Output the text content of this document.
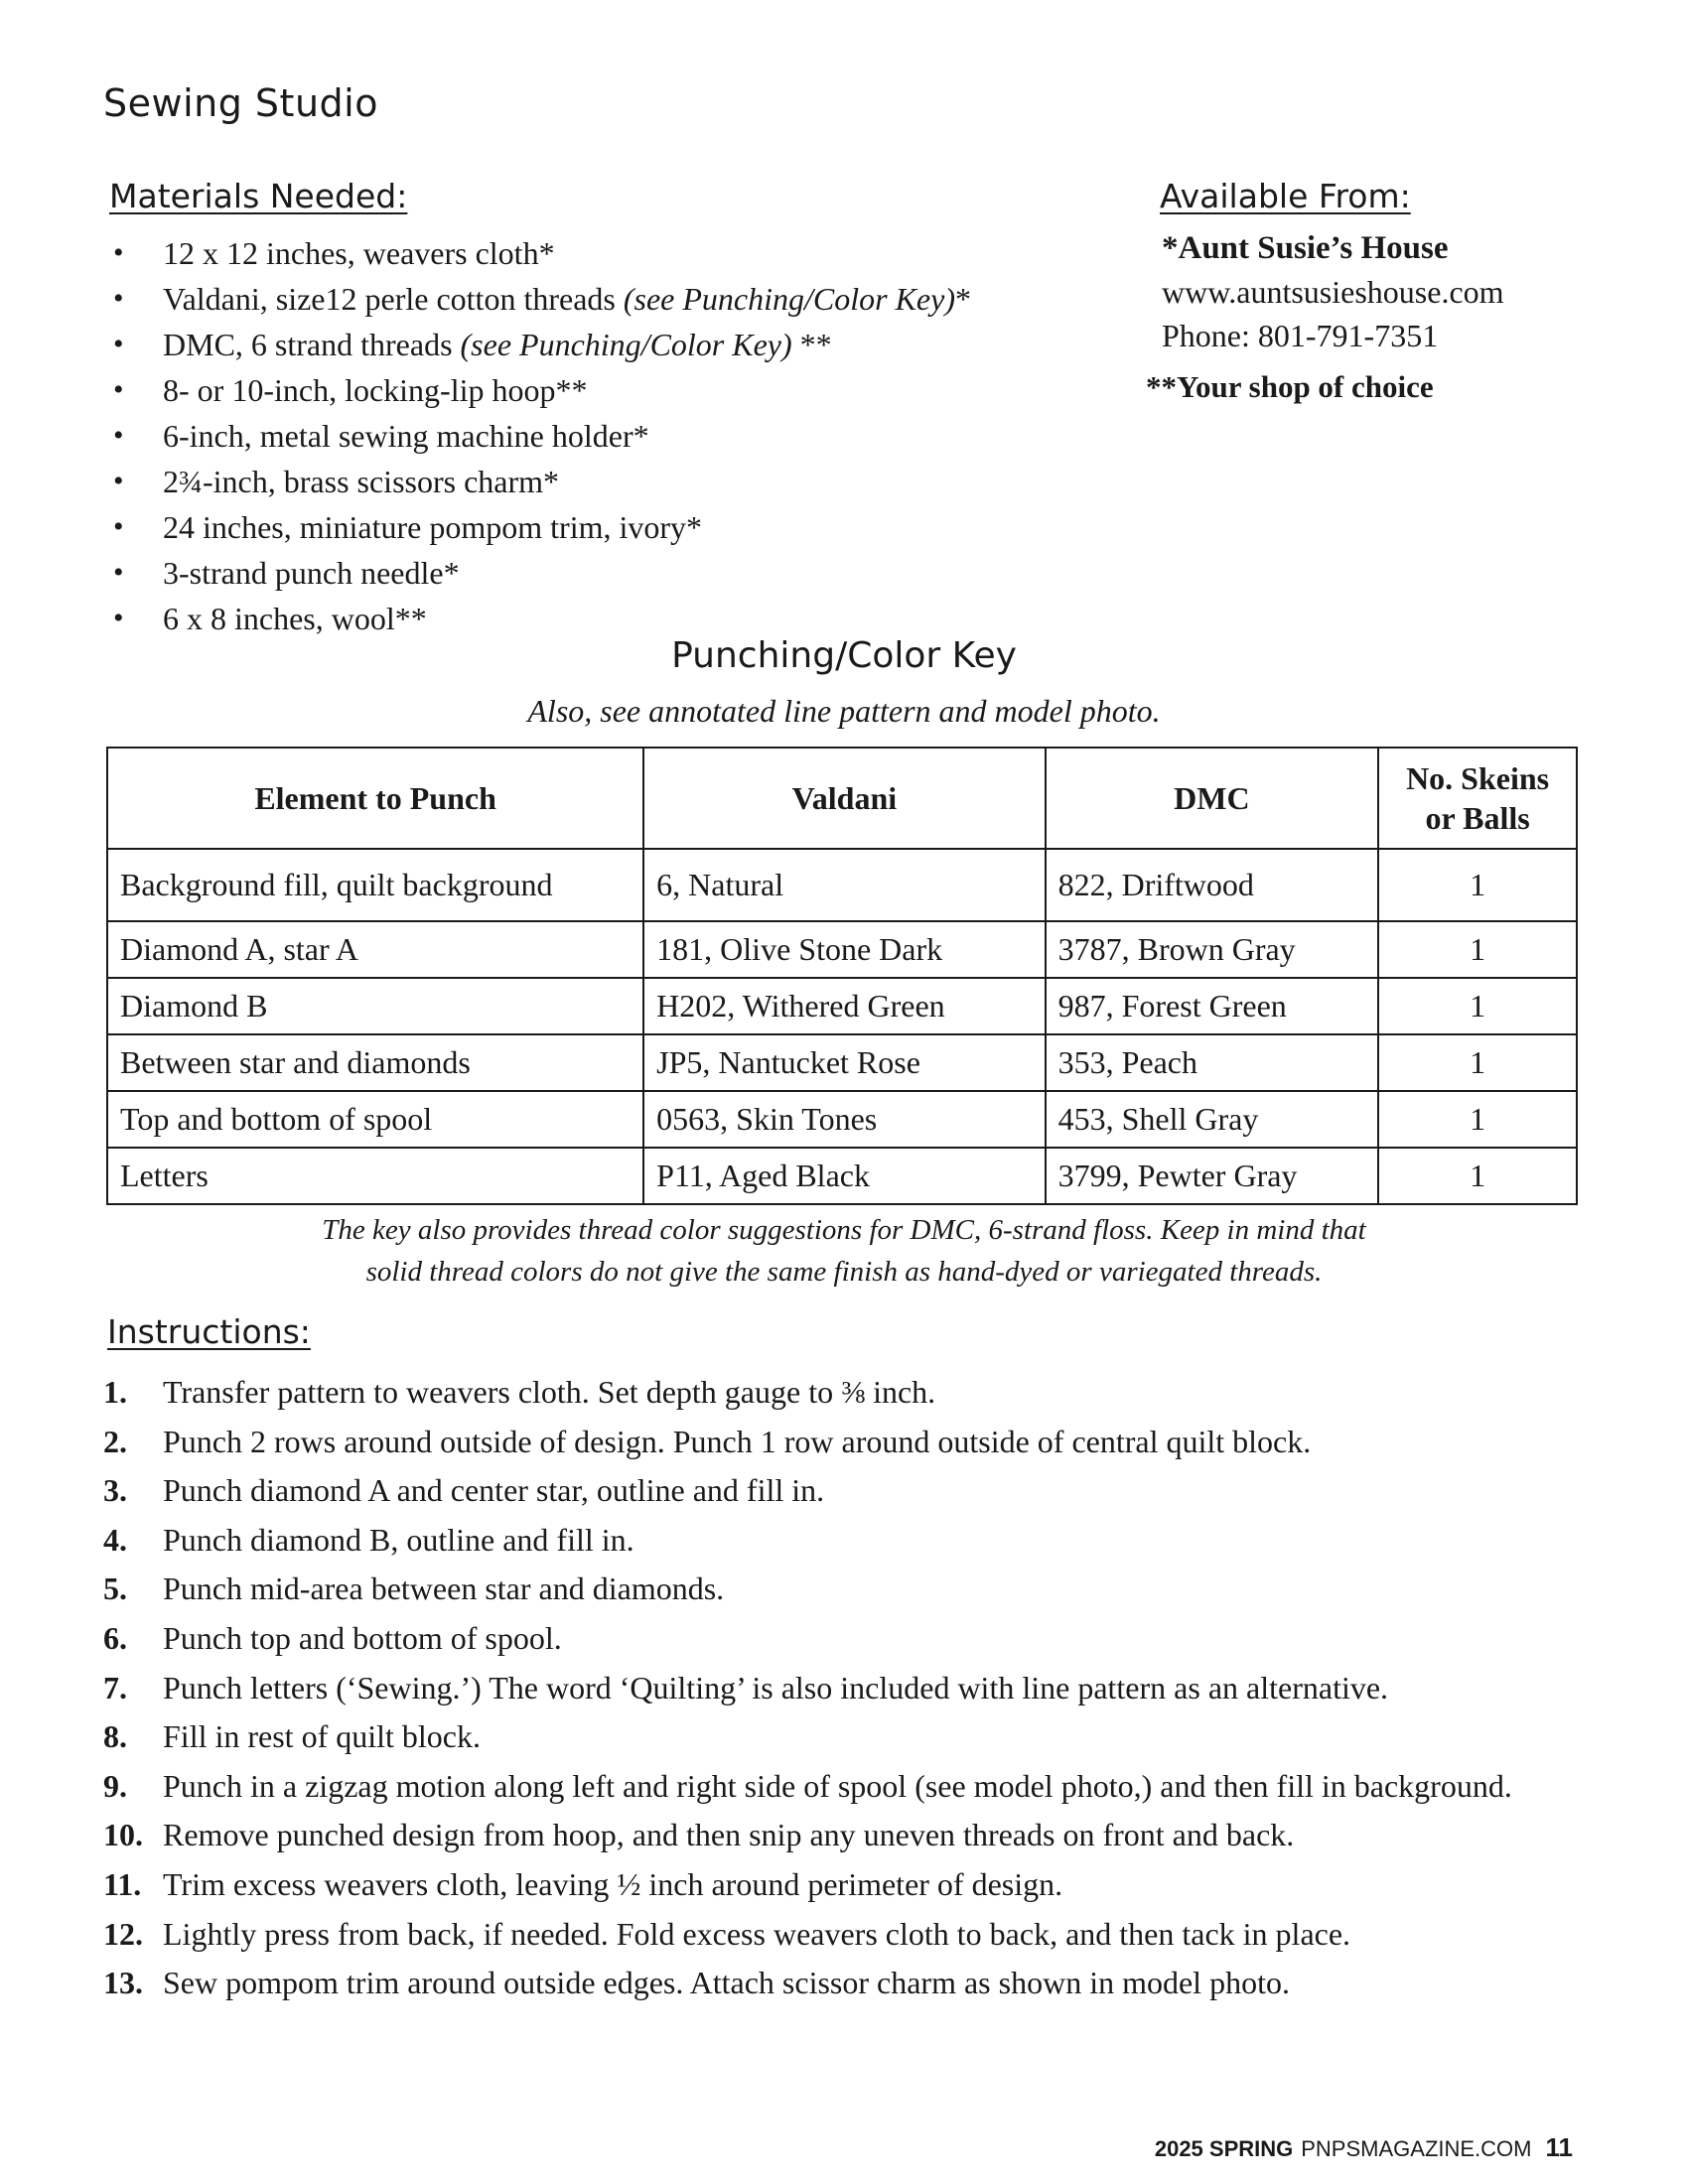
Sewing Studio
Materials Needed:
• 12 x 12 inches, weavers cloth*
• Valdani, size12 perle cotton threads (see Punching/Color Key)*
• DMC, 6 strand threads (see Punching/Color Key) **
• 8- or 10-inch, locking-lip hoop**
• 6-inch, metal sewing machine holder*
• 2¾-inch, brass scissors charm*
• 24 inches, miniature pompom trim, ivory*
• 3-strand punch needle*
• 6 x 8 inches, wool**
Available From:
*Aunt Susie’s House
www.auntsusieshouse.com
Phone: 801-791-7351
**Your shop of choice
Punching/Color Key
Also, see annotated line pattern and model photo.
Element to Punch	Valdani	DMC	No. Skeins
or Balls
Background fill, quilt background	6, Natural	822, Driftwood	1
Diamond A, star A	181, Olive Stone Dark	3787, Brown Gray	1
Diamond B	H202, Withered Green	987, Forest Green	1
Between star and diamonds	JP5, Nantucket Rose	353, Peach	1
Top and bottom of spool	0563, Skin Tones	453, Shell Gray	1
Letters	P11, Aged Black	3799, Pewter Gray	1
The key also provides thread color suggestions for DMC, 6-strand floss. Keep in mind that
solid thread colors do not give the same finish as hand-dyed or variegated threads.
Instructions:
1.	Transfer pattern to weavers cloth. Set depth gauge to ⅜ inch.
2.	Punch 2 rows around outside of design. Punch 1 row around outside of central quilt block.
3.	Punch diamond A and center star, outline and fill in.
4.	Punch diamond B, outline and fill in.
5.	Punch mid-area between star and diamonds.
6.	Punch top and bottom of spool.
7.	Punch letters (‘Sewing.’) The word ‘Quilting’ is also included with line pattern as an alternative.
8.	Fill in rest of quilt block.
9.	Punch in a zigzag motion along left and right side of spool (see model photo,) and then fill in background.
10. Remove punched design from hoop, and then snip any uneven threads on front and back.
11. Trim excess weavers cloth, leaving ½ inch around perimeter of design.
12. Lightly press from back, if needed. Fold excess weavers cloth to back, and then tack in place.
13. Sew pompom trim around outside edges. Attach scissor charm as shown in model photo.
2025 SPRING PNPSMAGAZINE.COM 11
